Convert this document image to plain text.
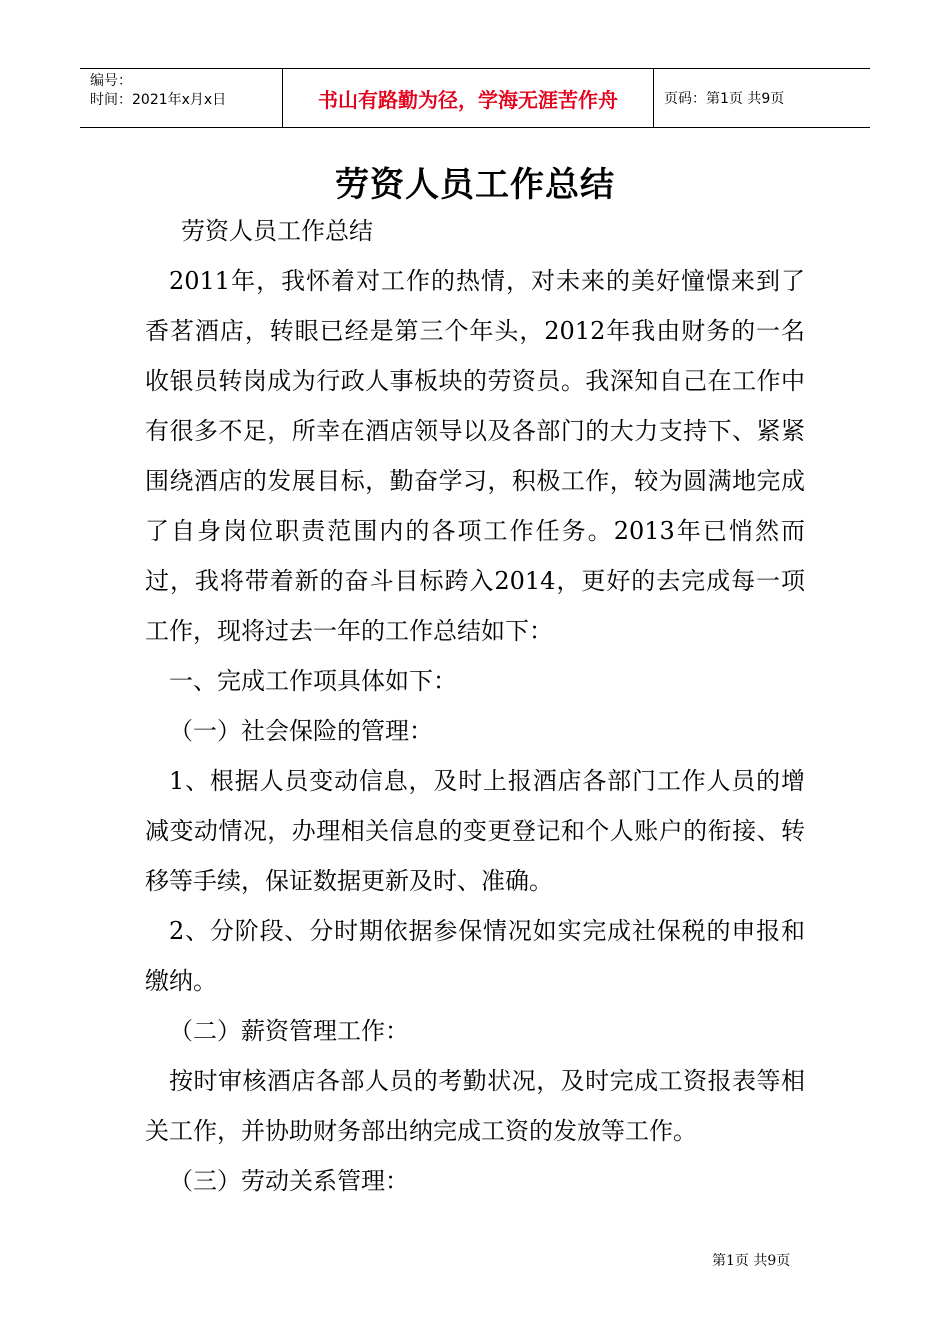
编号：
时间：2021年x月x日	书山有路勤为径，学海无涯苦作舟	页码：第1页 共9页
劳资人员工作总结

劳资人员工作总结

2011年，我怀着对工作的热情，对未来的美好憧憬来到了香茗酒店，转眼已经是第三个年头，2012年我由财务的一名收银员转岗成为行政人事板块的劳资员。我深知自己在工作中有很多不足，所幸在酒店领导以及各部门的大力支持下、紧紧围绕酒店的发展目标，勤奋学习，积极工作，较为圆满地完成了自身岗位职责范围内的各项工作任务。2013年已悄然而过，我将带着新的奋斗目标跨入2014，更好的去完成每一项工作，现将过去一年的工作总结如下：

一、完成工作项具体如下：

（一）社会保险的管理：

1、根据人员变动信息，及时上报酒店各部门工作人员的增减变动情况，办理相关信息的变更登记和个人账户的衔接、转移等手续，保证数据更新及时、准确。

2、分阶段、分时期依据参保情况如实完成社保税的申报和缴纳。

（二）薪资管理工作：

按时审核酒店各部人员的考勤状况，及时完成工资报表等相关工作，并协助财务部出纳完成工资的发放等工作。

（三）劳动关系管理：

第1页 共9页
